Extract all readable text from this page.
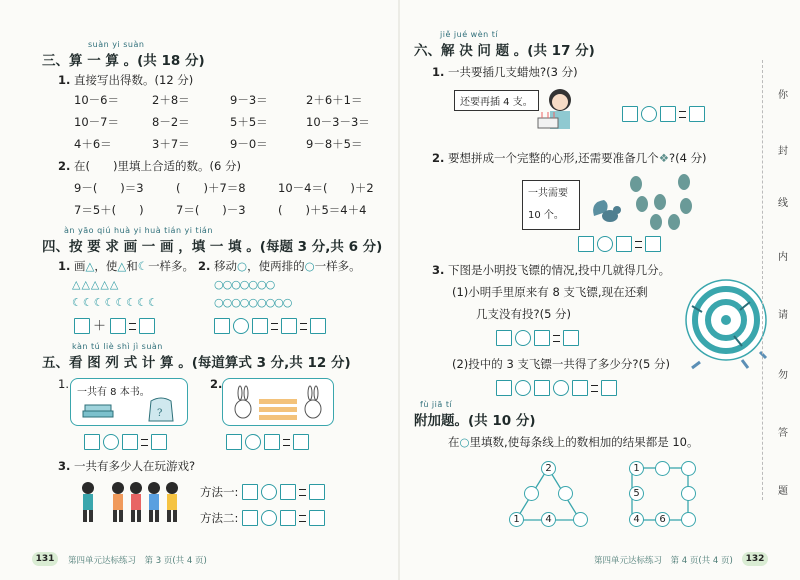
suàn yi suàn
三、算 一 算 。(共 18 分)
1. 直接写出得数。(12 分)
10－6＝	2＋8＝	9－3＝	2＋6＋1＝
10－7＝	8－2＝	5＋5＝	10－3－3＝
4＋6＝	3＋7＝	9－0＝	9－8＋5＝
2. 在(　　)里填上合适的数。(6 分)
9－(　　)＝3	(　　)＋7＝8	10－4＝(　　)＋2
7＝5＋(　　)	7＝(　　)－3	(　　)＋5＝4＋4
àn yāo qiú huà yi huà tián yi tián
四、按 要 求 画 一 画 ，填 一 填 。(每题 3 分,共 6 分)
1. 画△，使△和☾一样多。 2. 移动○，使两排的○一样多。
△△△△△
☾☾☾☾☾☾☾☾
○○○○○○○
○○○○○○○○○
＋
kàn tú liè shì jì suàn
五、看 图 列 式 计 算 。(每道算式 3 分,共 12 分)
1.
一共有 8 本书。
?
2.
3. 一共有多少人在玩游戏?
方法一:
方法二:
131	第四单元达标练习　第 3 页(共 4 页)
jiě jué wèn tí
六、解 决 问 题 。(共 17 分)
1. 一共要插几支蜡烛?(3 分)
还要再插 4 支。
2. 要想拼成一个完整的心形,还需要准备几个❖?(4 分)
一共需要 10 个。
3. 下图是小明投飞镖的情况,投中几就得几分。
(1)小明手里原来有 8 支飞镖,现在还剩
几支没有投?(5 分)
(2)投中的 3 支飞镖一共得了多少分?(5 分)
fù jiā tí
附加题。(共 10 分)
在○里填数,使每条线上的数相加的结果都是 10。
2
1	4
1
5
4	6
第四单元达标练习　第 4 页(共 4 页)	132
你
封
线
内
请
勿
答
题
